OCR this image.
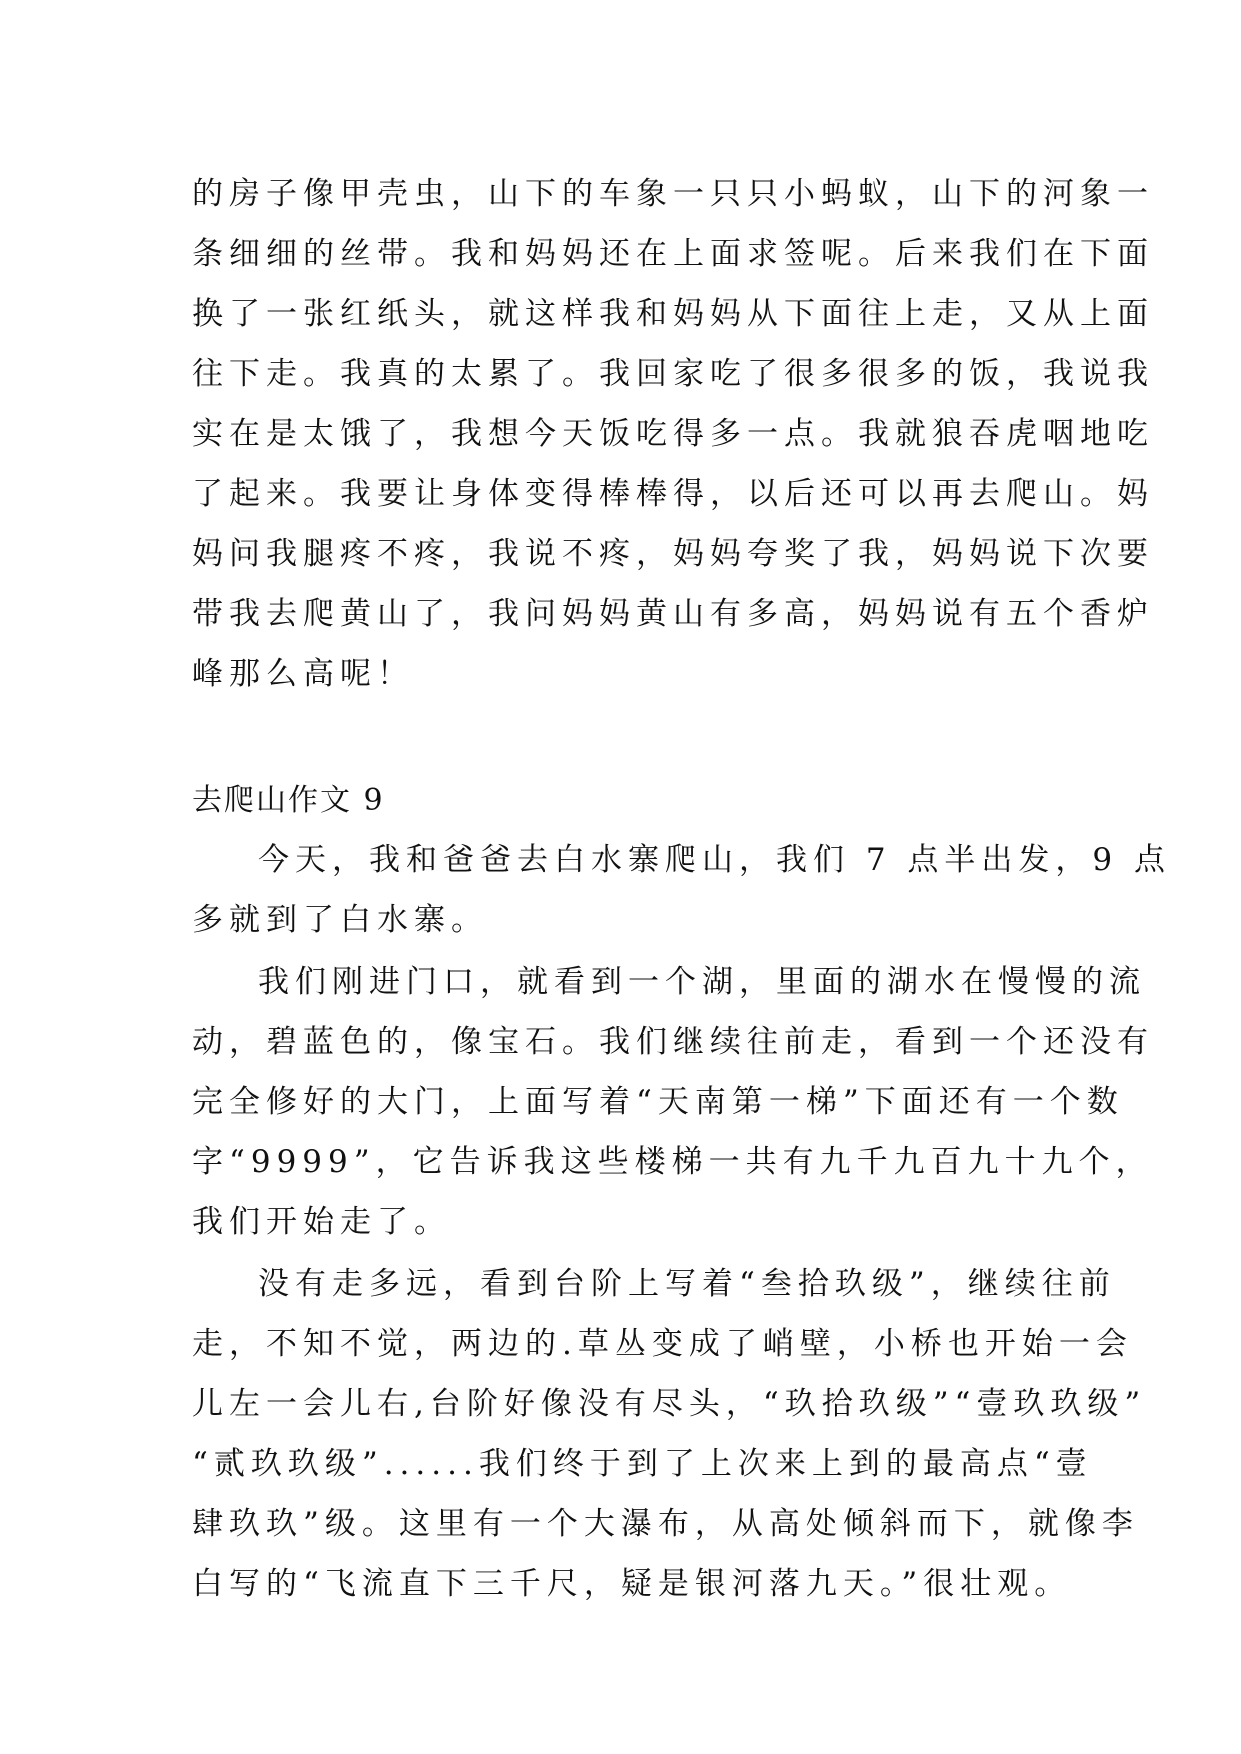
的房子像甲壳虫，山下的车象一只只小蚂蚁，山下的河象一
条细细的丝带。我和妈妈还在上面求签呢。后来我们在下面
换了一张红纸头，就这样我和妈妈从下面往上走，又从上面
往下走。我真的太累了。我回家吃了很多很多的饭，我说我
实在是太饿了，我想今天饭吃得多一点。我就狼吞虎咽地吃
了起来。我要让身体变得棒棒得，以后还可以再去爬山。妈
妈问我腿疼不疼，我说不疼，妈妈夸奖了我，妈妈说下次要
带我去爬黄山了，我问妈妈黄山有多高，妈妈说有五个香炉
峰那么高呢！
去爬山作文 9
今天，我和爸爸去白水寨爬山，我们 7 点半出发，9 点
多就到了白水寨。
我们刚进门口，就看到一个湖，里面的湖水在慢慢的流
动，碧蓝色的，像宝石。我们继续往前走，看到一个还没有
完全修好的大门，上面写着“天南第一梯”下面还有一个数
字“9999”，它告诉我这些楼梯一共有九千九百九十九个，
我们开始走了。
没有走多远，看到台阶上写着“叁拾玖级”，继续往前
走，不知不觉，两边的.草丛变成了峭壁，小桥也开始一会
儿左一会儿右,台阶好像没有尽头，“玖拾玖级”“壹玖玖级”
“贰玖玖级”......我们终于到了上次来上到的最高点“壹
肆玖玖”级。这里有一个大瀑布，从高处倾斜而下，就像李
白写的“飞流直下三千尺，疑是银河落九天。”很壮观。
